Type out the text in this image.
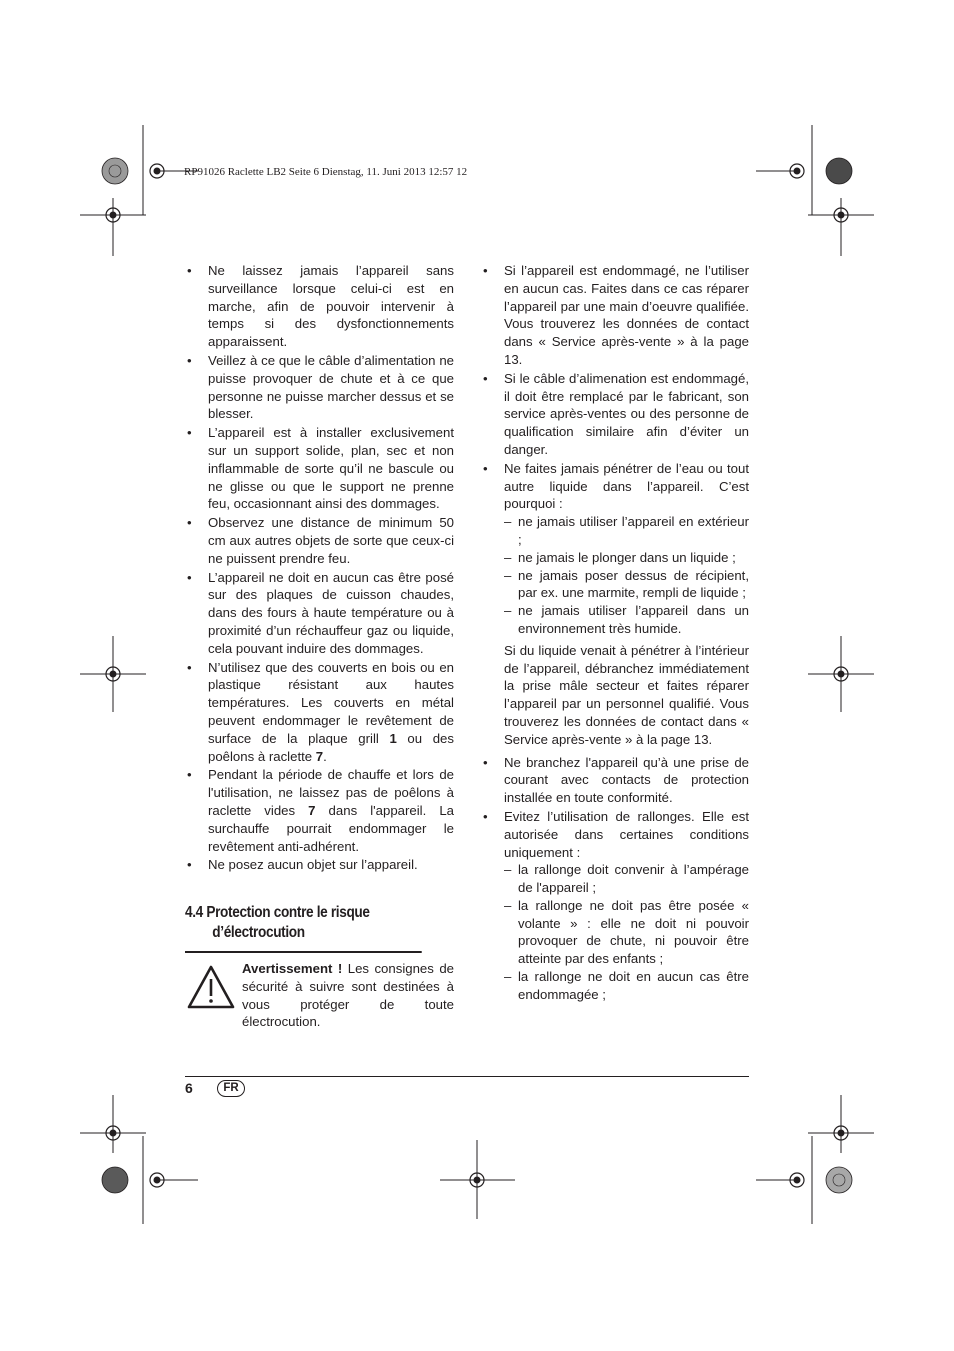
RP91026 Raclette LB2 Seite 6 Dienstag, 11. Juni 2013 12:57 12
• Ne laissez jamais l’appareil sans surveillance lorsque celui-ci est en marche, afin de pouvoir intervenir à temps si des dysfonctionnements apparaissent.
• Veillez à ce que le câble d’alimentation ne puisse provoquer de chute et à ce que personne ne puisse marcher dessus et se blesser.
• L’appareil est à installer exclusivement sur un support solide, plan, sec et non inflammable de sorte qu’il ne bascule ou ne glisse ou que le support ne prenne feu, occasionnant ainsi des dommages.
• Observez une distance de minimum 50 cm aux autres objets de sorte que ceux-ci ne puissent prendre feu.
• L’appareil ne doit en aucun cas être posé sur des plaques de cuisson chaudes, dans des fours à haute température ou à proximité d’un réchauffeur gaz ou liquide, cela pouvant induire des dommages.
• N’utilisez que des couverts en bois ou en plastique résistant aux hautes températures. Les couverts en métal peuvent endommager le revêtement de surface de la plaque grill 1 ou des poêlons à raclette 7.
• Pendant la période de chauffe et lors de l'utilisation, ne laissez pas de poêlons à raclette vides 7 dans l'appareil. La surchauffe pourrait endommager le revêtement anti-adhérent.
• Ne posez aucun objet sur l’appareil.
4.4 Protection contre le risque
d’électrocution
Avertissement ! Les consignes de sécurité à suivre sont destinées à vous protéger de toute électrocution.
• Si l’appareil est endommagé, ne l’utiliser en aucun cas. Faites dans ce cas réparer l’appareil par une main d’oeuvre qualifiée. Vous trouverez les données de contact dans « Service après-vente » à la page 13.
• Si le câble d’alimenation est endommagé, il doit être remplacé par le fabricant, son service après-ventes ou des personne de qualification similaire afin d’éviter un danger.
• Ne faites jamais pénétrer de l’eau ou tout autre liquide dans l’appareil. C’est pourquoi :
– ne jamais utiliser l’appareil en extérieur ;
– ne jamais le plonger dans un liquide ;
– ne jamais poser dessus de récipient, par ex. une marmite, rempli de liquide ;
– ne jamais utiliser l’appareil dans un environnement très humide.
Si du liquide venait à pénétrer à l’intérieur de l’appareil, débranchez immédiatement la prise mâle secteur et faites réparer l’appareil par un personnel qualifié. Vous trouverez les données de contact dans « Service après-vente » à la page 13.
• Ne branchez l'appareil qu’à une prise de courant avec contacts de protection installée en toute conformité.
• Evitez l’utilisation de rallonges. Elle est autorisée dans certaines conditions uniquement :
– la rallonge doit convenir à l’ampérage de l'appareil ;
– la rallonge ne doit pas être posée « volante » : elle ne doit ni pouvoir provoquer de chute, ni pouvoir être atteinte par des enfants ;
– la rallonge ne doit en aucun cas être endommagée ;
6	FR
